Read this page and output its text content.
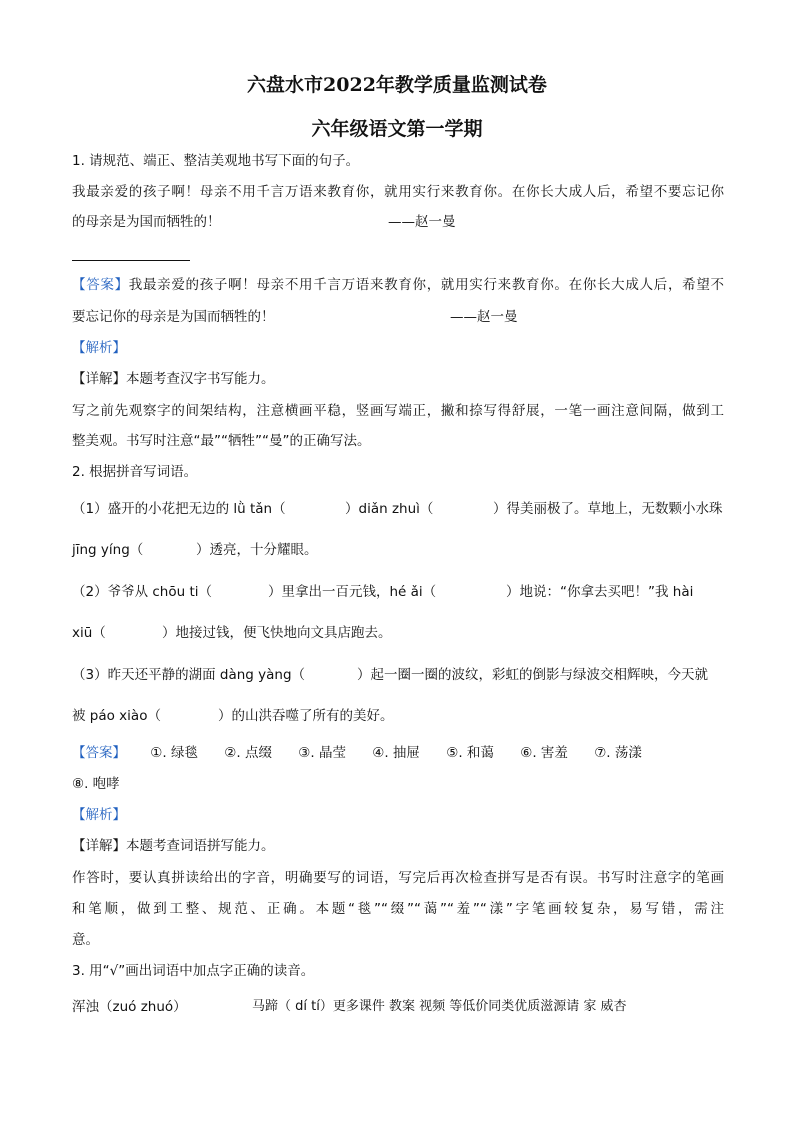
六盘水市2022年教学质量监测试卷
六年级语文第一学期
1. 请规范、端正、整洁美观地书写下面的句子。
我最亲爱的孩子啊！母亲不用千言万语来教育你，就用实行来教育你。在你长大成人后，希望不要忘记你
的母亲是为国而牺牲的！	——赵一曼
【答案】我最亲爱的孩子啊！母亲不用千言万语来教育你，就用实行来教育你。在你长大成人后，希望不
要忘记你的母亲是为国而牺牲的！	——赵一曼
【解析】
【详解】本题考查汉字书写能力。
写之前先观察字的间架结构，注意横画平稳，竖画写端正，撇和捺写得舒展，一笔一画注意间隔，做到工
整美观。书写时注意“最”“牺牲”“曼”的正确写法。
2. 根据拼音写词语。
（1）盛开的小花把无边的 lǜ tǎn（	）diǎn zhuì（	）得美丽极了。草地上，无数颗小水珠
jīng yíng（	）透亮，十分耀眼。
（2）爷爷从 chōu ti（	）里拿出一百元钱，hé ǎi（	）地说：“你拿去买吧！”我 hài
xiū（	）地接过钱，便飞快地向文具店跑去。
（3）昨天还平静的湖面 dàng yàng（	）起一圈一圈的波纹，彩虹的倒影与绿波交相辉映，今天就
被 páo xiào（	）的山洪吞噬了所有的美好。
【答案】 ①. 绿毯 ②. 点缀 ③. 晶莹 ④. 抽屉 ⑤. 和蔼 ⑥. 害羞 ⑦. 荡漾
⑧. 咆哮
【解析】
【详解】本题考查词语拼写能力。
作答时，要认真拼读给出的字音，明确要写的词语，写完后再次检查拼写是否有误。书写时注意字的笔画
和笔顺，做到工整、规范、正确。本题“毯”“缀”“蔼”“羞”“漾”字笔画较复杂，易写错，需注
意。
3. 用“√”画出词语中加点字正确的读音。
浑浊（zuó zhuó）	马蹄（ dí tí）更多课件 教案 视频 等低价同类优质滋源请 家 威杏
